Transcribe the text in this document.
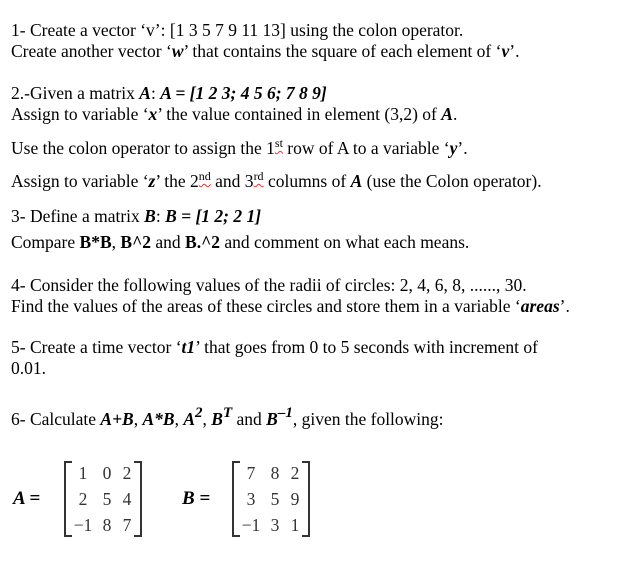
1- Create a vector ‘v’: [1 3 5 7 9 11 13] using the colon operator.
Create another vector ‘w’ that contains the square of each element of ‘v’.
2.-Given a matrix A: A = [1 2 3; 4 5 6; 7 8 9]
Assign to variable ‘x’ the value contained in element (3,2) of A.
Use the colon operator to assign the 1st row of A to a variable ‘y’.
Assign to variable ‘z’ the 2nd and 3rd columns of A (use the Colon operator).
3- Define a matrix B: B = [1 2; 2 1]
Compare B*B, B^2 and B.^2 and comment on what each means.
4- Consider the following values of the radii of circles: 2, 4, 6, 8, ......, 30.
Find the values of the areas of these circles and store them in a variable ‘areas’.
5- Create a time vector ‘t1’ that goes from 0 to 5 seconds with increment of
0.01.
6- Calculate A+B, A*B, $A^2$, $B^T$ and $B^{-1}$, given the following:
A =
1 0 2
2 5 4
−1 8 7
B =
7 8 2
3 5 9
−1 3 1
